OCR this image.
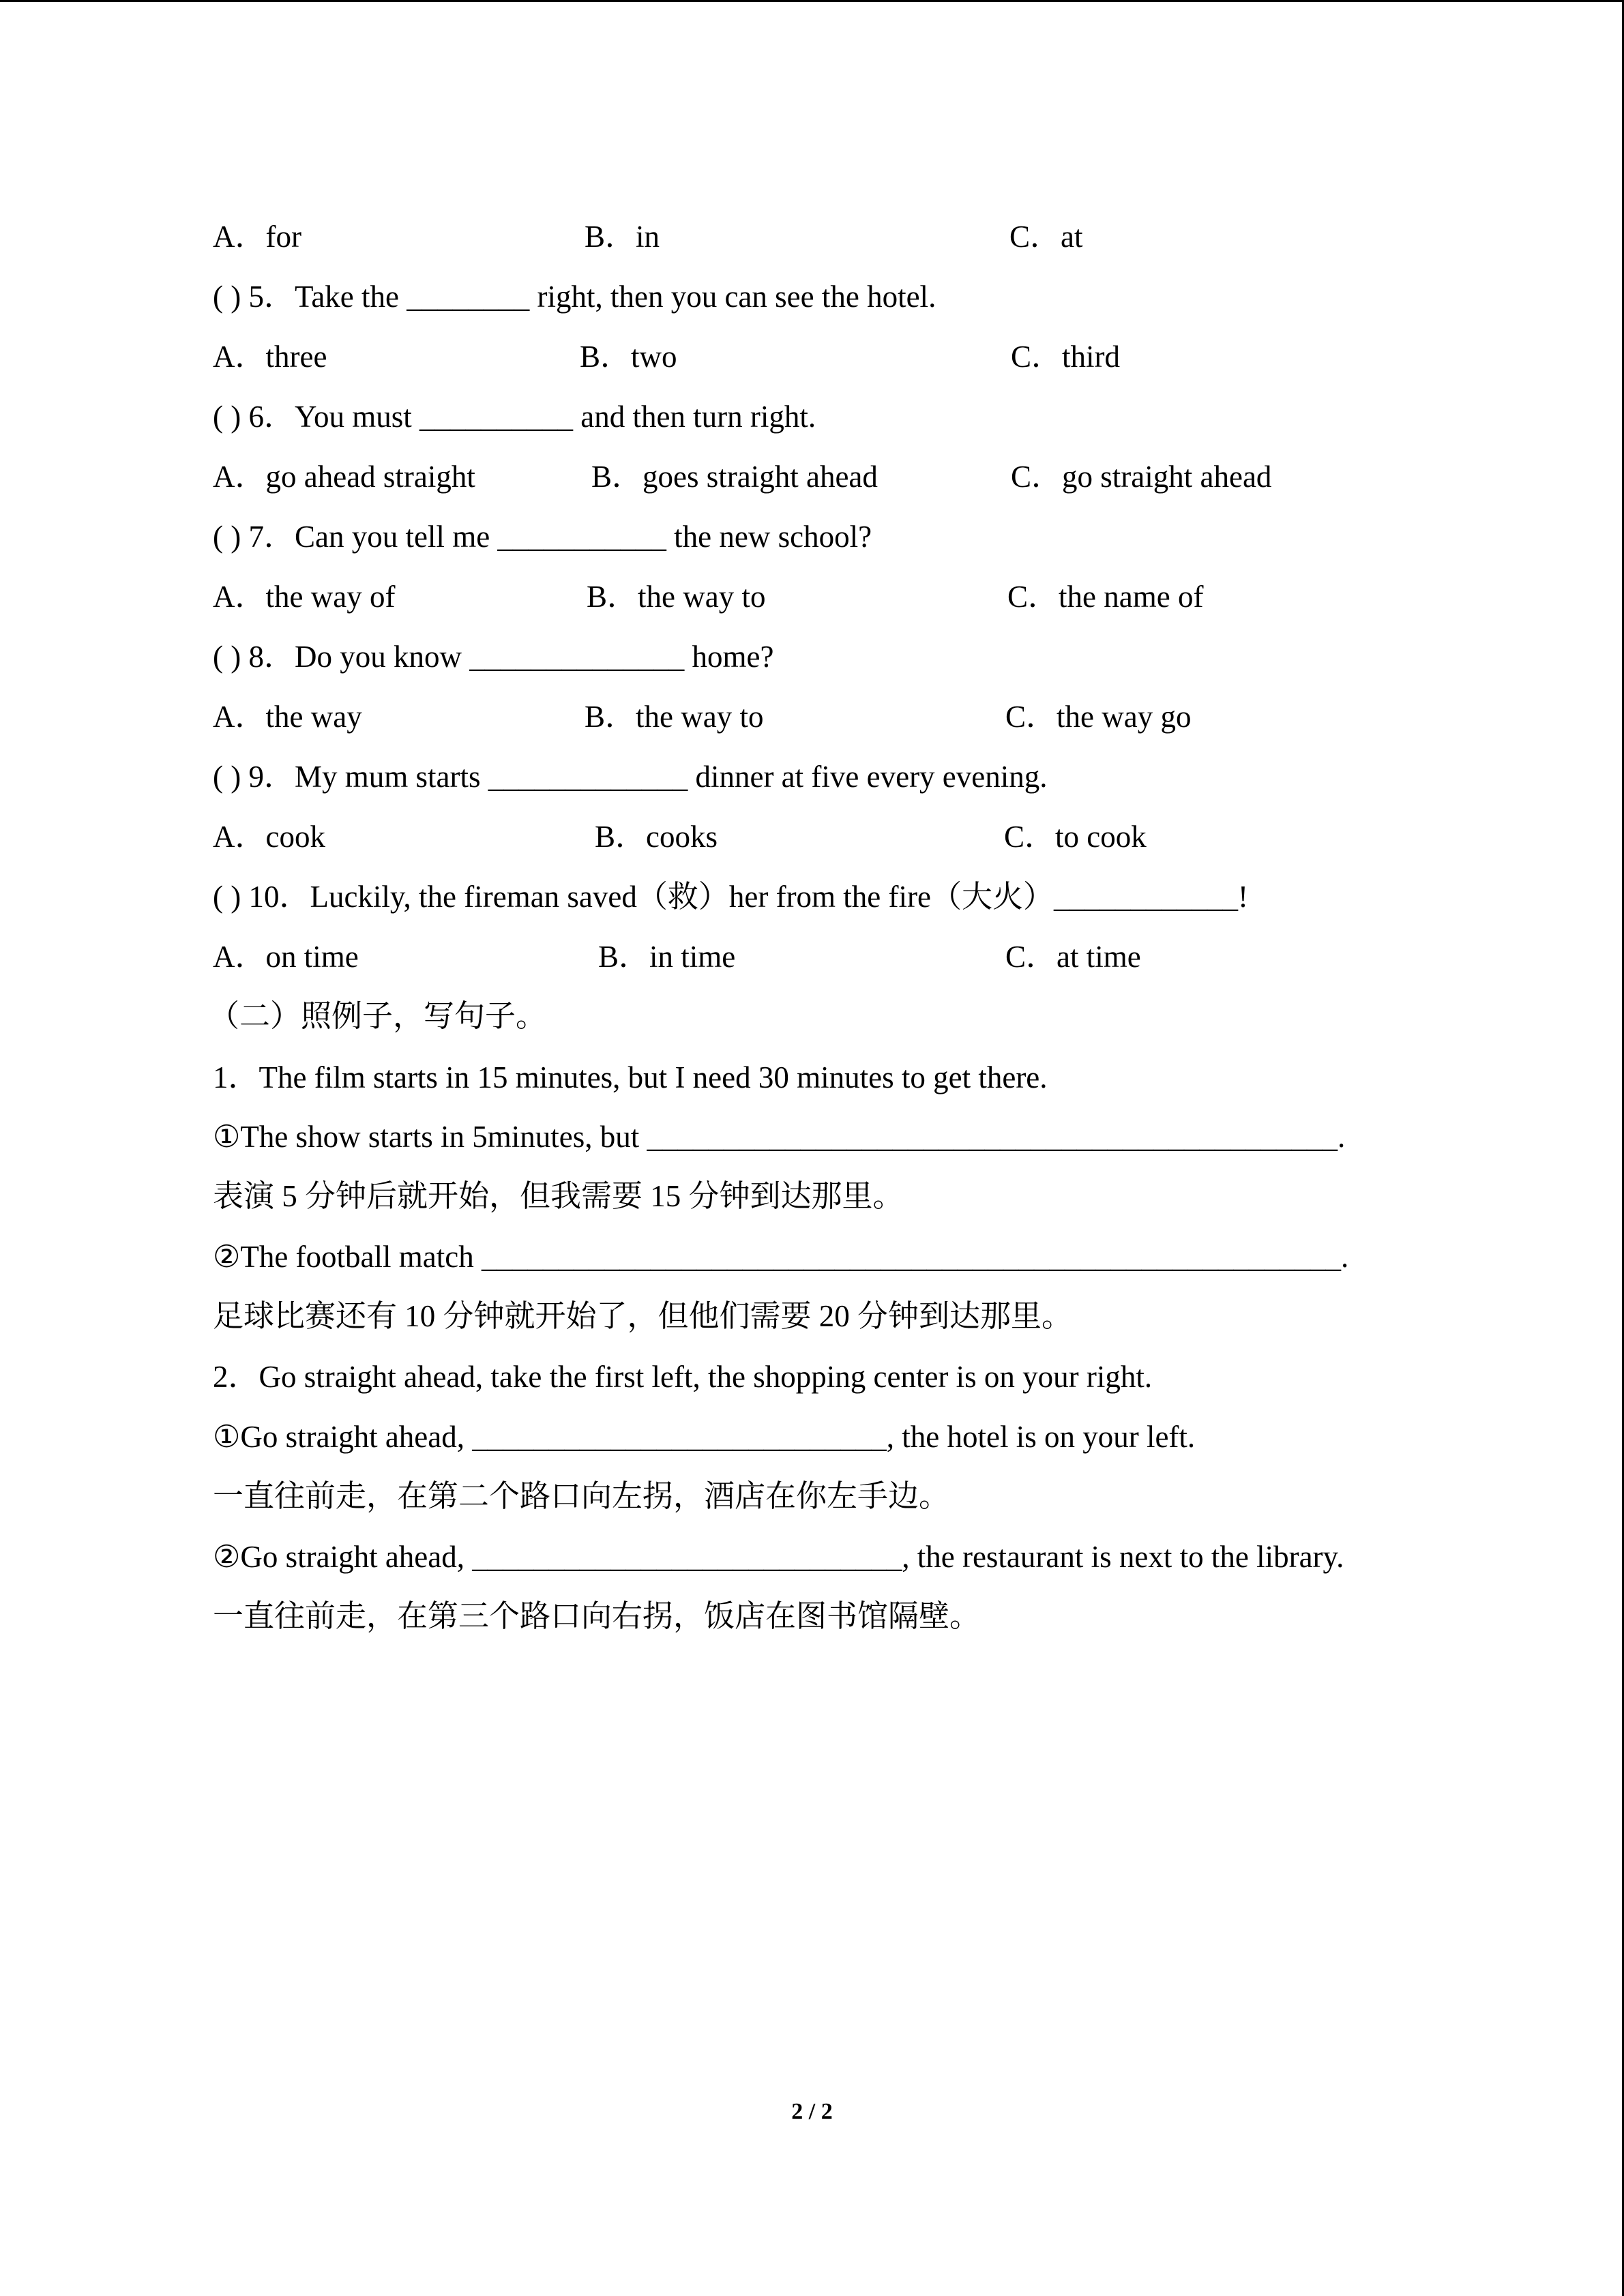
A．for	B．in	C．at
( ) 5．Take the ________ right, then you can see the hotel.
A．three	B．two	C．third
( ) 6．You must __________ and then turn right.
A．go ahead straight	B．goes straight ahead	C．go straight ahead
( ) 7．Can you tell me ___________ the new school?
A．the way of	B．the way to	C．the name of
( ) 8．Do you know ______________ home?
A．the way	B．the way to	C．the way go
( ) 9．My mum starts _____________ dinner at five every evening.
A．cook	B．cooks	C．to cook
( ) 10．Luckily, the fireman saved（救）her from the fire（大火）____________!
A．on time	B．in time	C．at time
（二）照例子，写句子。
1．The film starts in 15 minutes, but I need 30 minutes to get there.
①The show starts in 5minutes, but _____________________________________________.
表演 5 分钟后就开始，但我需要 15 分钟到达那里。
②The football match ________________________________________________________.
足球比赛还有 10 分钟就开始了，但他们需要 20 分钟到达那里。
2．Go straight ahead, take the first left, the shopping center is on your right.
①Go straight ahead, ___________________________, the hotel is on your left.
一直往前走，在第二个路口向左拐，酒店在你左手边。
②Go straight ahead, ____________________________, the restaurant is next to the library.
一直往前走，在第三个路口向右拐，饭店在图书馆隔壁。
2 / 2
